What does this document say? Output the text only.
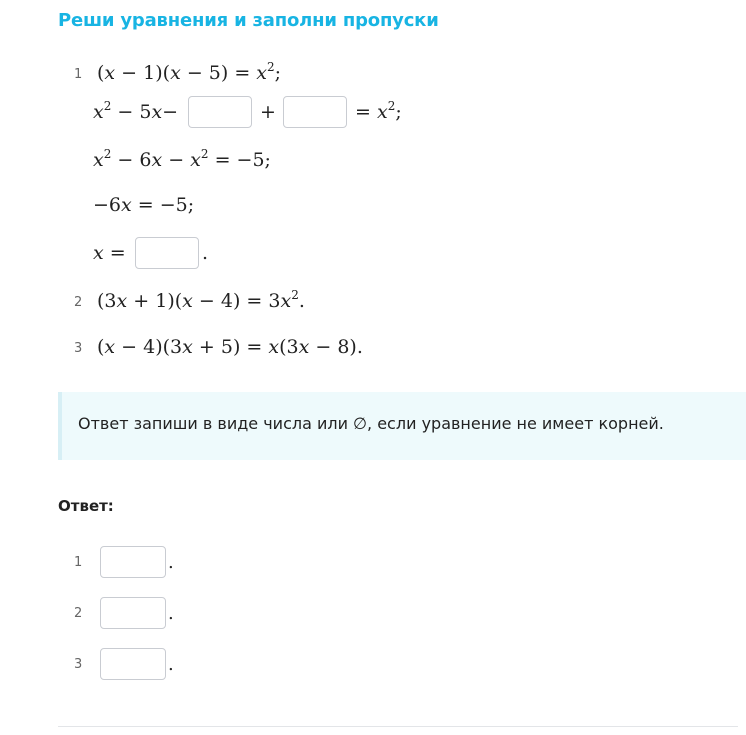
Реши уравнения и заполни пропуски
1 $(x - 1)(x - 5) = x^2$;
$x^2 - 5x-$	+	= $x^2$;
$x^2 - 6x - x^2 = -5$;
−6x = −5;
x =	.
2 $(3x + 1)(x - 4) = 3x^2$.
3 (x − 4)(3x + 5) = x(3x − 8).
Ответ запиши в виде числа или ∅, если уравнение не имеет корней.
Ответ:
1	.
2	.
3	.
